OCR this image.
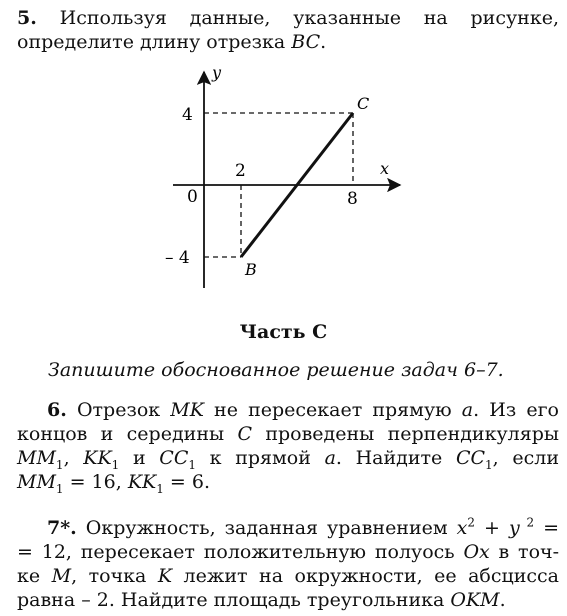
5. Используя данные, указанные на рисунке,
определите длину отрезка BC.
y
x
0
2
8
4
– 4
B
C
Часть С
Запишите обоснованное решение задач 6–7.
6. Отрезок MK не пересекает прямую a. Из его
концов и середины C проведены перпендикуляры
$MM_1$, $KK_1$ и $CC_1$ к прямой a. Найдите $CC_1$, если
$MM_1 = 16$, $KK_1 = 6$.
7*. Окружность, заданная уравнением $x^2 + y$ $^2$ =
= 12, пересекает положительную полуось Ox в точ-
ке M, точка K лежит на окружности, ее абсцисса
равна – 2. Найдите площадь треугольника OKM.
